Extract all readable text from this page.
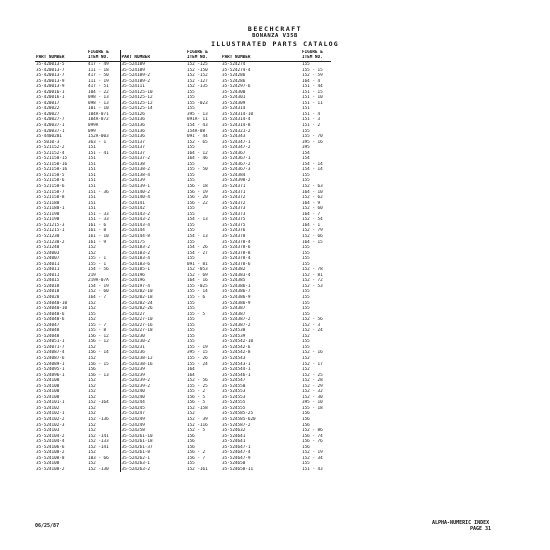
BEECHCRAFT
BONANZA V35B
ILLUSTRATED PARTS CATALOG
	FIGURE &		FIGURE &		FIGURE &
PART NUMBER	ITEM NO.	PART NUMBER	ITEM NO.	PART NUMBER	ITEM NO.

35-420013-5	417 - 49	35-524109	152 -125	35-524274	155
35-420013-7	111 - 18	35-524109	152 -150	35-524274-4	155 - 15
35-420013-7	417 - 50	35-524109-2	152 -152	35-524286	152 - 59
35-420013-9	111 - 19	35-524109-2	152 -127	35-524286	164 - 4
35-420013-9	417 - 51	35-524111	152 -135	35-524297-6	151 - 44
35-420016-1	104 - 22	35-524125-10	155	35-524300	151 - 15
35-420016-1	098 - 13	35-524125-12	155	35-524301	151 - 10
35-420017	098 - 13	35-524125-12	155 -023	35-524309	151 - 11
35-420022	101 - 10	35-524125-14	155	35-524314	151
35-420027	104A-071	35-524126	395 - 13	35-524314-10	151 - 4
35-420027-7	104A-072	35-524136	091A- 11	35-524314-4	151 - 3
35-420037-1	099A	35-524136	154 - 43	35-524314-8	151 - 2
35-420037-1	099	35-524136	154A-08	35-524321-2	155
35-4400201	152A-003	35-524136	091 - 44	35-524343	155 - 70
35-5010-3	363 - 1	35-524137	152 - 65	35-524347-1	395 - 16
35-521152-2	151	35-524137	155	35-524347-2	395
35-521152-4	151 - 41	35-524137	164 - 12	35-524367	154
35-521158-15	151	35-524137-2	164 - 46	35-524367-1	154
35-521158-16	151	35-524138	155	35-524367-2	154 - 14
35-521158-16	151	35-524138-2	155 - 50	35-524367-3	154 - 14
35-521158-5	151	35-524138-4	155	35-524384	155
35-521158-6	151	35-524139	155	35-524398-2	155
35-521158-6	151	35-524139-1	156 - 18	35-524371	152 - 63
35-521158-7	151 - 36	35-524140-2	156 - 19	35-524371	164 - 10
35-521158-8	151	35-524140-4	156 - 20	35-524372	152 - 62
35-521180	151	35-524141	156 - 22	35-524372	164 - 9
35-521180-1	151	35-524142	155	35-524373	152 - 60
35-521190	151 - 33	35-524143-2	155	35-524373	164 - 7
35-521190	151 - 33	35-524143-2	154 - 13	35-524375	152 - 54
35-521215-3	161 - 6	35-524143-4	155	35-524375	164 - 1
35-521215-1	161 - 8	35-524144	155	35-524376	152 - 79
35-521230	161 - 10	35-524144-8	154 - 13	35-524378	152 - 66
35-521230-2	161 - 9	35-524175	155	35-524378-4	164 - 15
35-521240	152	35-524183-2	154 - 26	35-524378-6	155
35-524003	152	35-524183-2	154 - 27	35-524378-8	155
35-524007	155 - 1	35-524183-4	155	35-524378-4	155
35-524011	155 - 1	35-524183-6	091 - 81	35-524378-6	155
35-524011	154 - 56	35-524185-1	152 -053	35-524382	152 - 78
35-524011	219	35-524196	152 - 69	35-524383-4	152 - 81
35-524015	219A-07A	35-524196	164 - 16	35-524385	152 - 72
35-524018	154 - 19	35-524197-4	155 -025	35-524386-1	152 - 53
35-524018	152 - 60	35-524202-10	155 - 14	35-524386-7	155
35-524028	164 - 7	35-524202-18	155 - 6	35-524386-9	155
35-524040-10	152	35-524202-24	155	35-524386-9	155
35-524040-10	152	35-524202-26	155	35-524387	155
35-524040-6	155	35-524227	155 - 5	35-524387	155
35-524040-6	152	35-524227-10	155	35-524387-2	152 - 56
35-524047	155 - 7	35-524227-16	155	35-524387-2	152 - 3
35-524048	155 - 8	35-524227-18	155	35-524538	152 - 24
35-524048	156 - 12	35-524230	155	35-524539	152
35-524051-1	156 - 12	35-524230-2	155	35-524542-10	155
35-524071-7	152	35-524231	155 - 19	35-524542-6	155
35-524087-4	156 - 14	35-524236	395 - 15	35-524542-8	152 - 16
35-524087-6	152	35-524238-12	155 - 26	35-524543	152
35-524089-1	156 - 15	35-524238-16	155 - 24	35-524543-1	152 - 17
35-524095-1	156	35-524239	164	35-524544-1	152
35-524096-1	156 - 13	35-524239	164	35-524546-1	152 - 25
35-524100	152	35-524239-2	152 - 56	35-524547	152 - 28
35-524100	152	35-524239-2	155 - 25	35-524550	152 - 29
35-524100	152	35-524240	155 - 2	35-524553	152 - 32
35-524100	152	35-524240	156 - 5	35-524553	152 - 30
35-524101-1	152 -164	35-524244	156 - 5	35-524555	395 - 10
35-524102	152	35-524245	152 -158	35-524555	155 - 18
35-524102-1	152	35-524247	152	35-524585-25	156
35-524102-2	152 -136	35-524249	152 - 39	35-524585-620	156
35-524102-3	152	35-524249	152 -116	35-524587-2	156
35-524103	152	35-524258	152 - 5	35-524632	152 - 86
35-524104-2	152 -141	35-524261-10	156	35-524641	156 - 74
35-524104-4	152 -133	35-524261-18	156	35-524641	156 - 76
35-524106-6	152 -141	35-524261-37	156	35-524647-1	156
35-524108-2	152	35-524261-8	156 - 2	35-524647-4	152 - 19
35-524108-8	103 - 66	35-524262-1	156 - 7	35-524647-9	152 - 34
35-524108	152	35-524263-1	155	35-524650	155
35-524108-2	152 -130	35-524263-2	152 -161	35-524650-11	151 - 43
06/25/87	ALPHA-NUMERIC INDEX
PAGE 31
